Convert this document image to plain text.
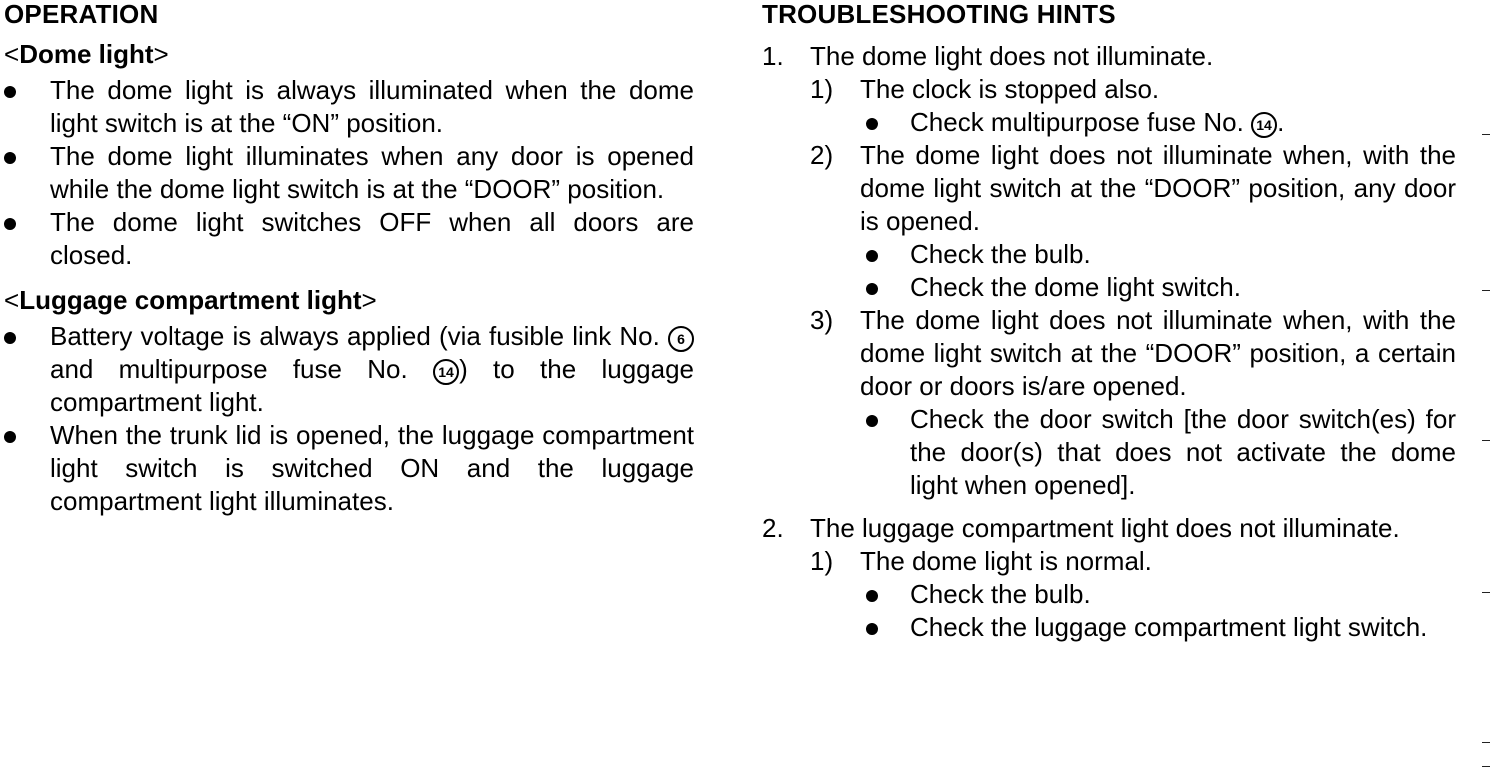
OPERATION
<Dome light>
The dome light is always illuminated when the dome light switch is at the “ON” position.
The dome light illuminates when any door is opened while the dome light switch is at the “DOOR” position.
The dome light switches OFF when all doors are closed.
<Luggage compartment light>
Battery voltage is always applied (via fusible link No. 6 and multipurpose fuse No. 14 ) to the luggage compartment light.
When the trunk lid is opened, the luggage compartment light switch is switched ON and the luggage compartment light illuminates.
TROUBLESHOOTING HINTS
1. The dome light does not illuminate.
1) The clock is stopped also.
Check multipurpose fuse No. 14 .
2) The dome light does not illuminate when, with the dome light switch at the “DOOR” position, any door is opened.
Check the bulb.
Check the dome light switch.
3) The dome light does not illuminate when, with the dome light switch at the “DOOR” position, a certain door or doors is/are opened.
Check the door switch [the door switch(es) for the door(s) that does not activate the dome light when opened].
2. The luggage compartment light does not illuminate.
1) The dome light is normal.
Check the bulb.
Check the luggage compartment light switch.
